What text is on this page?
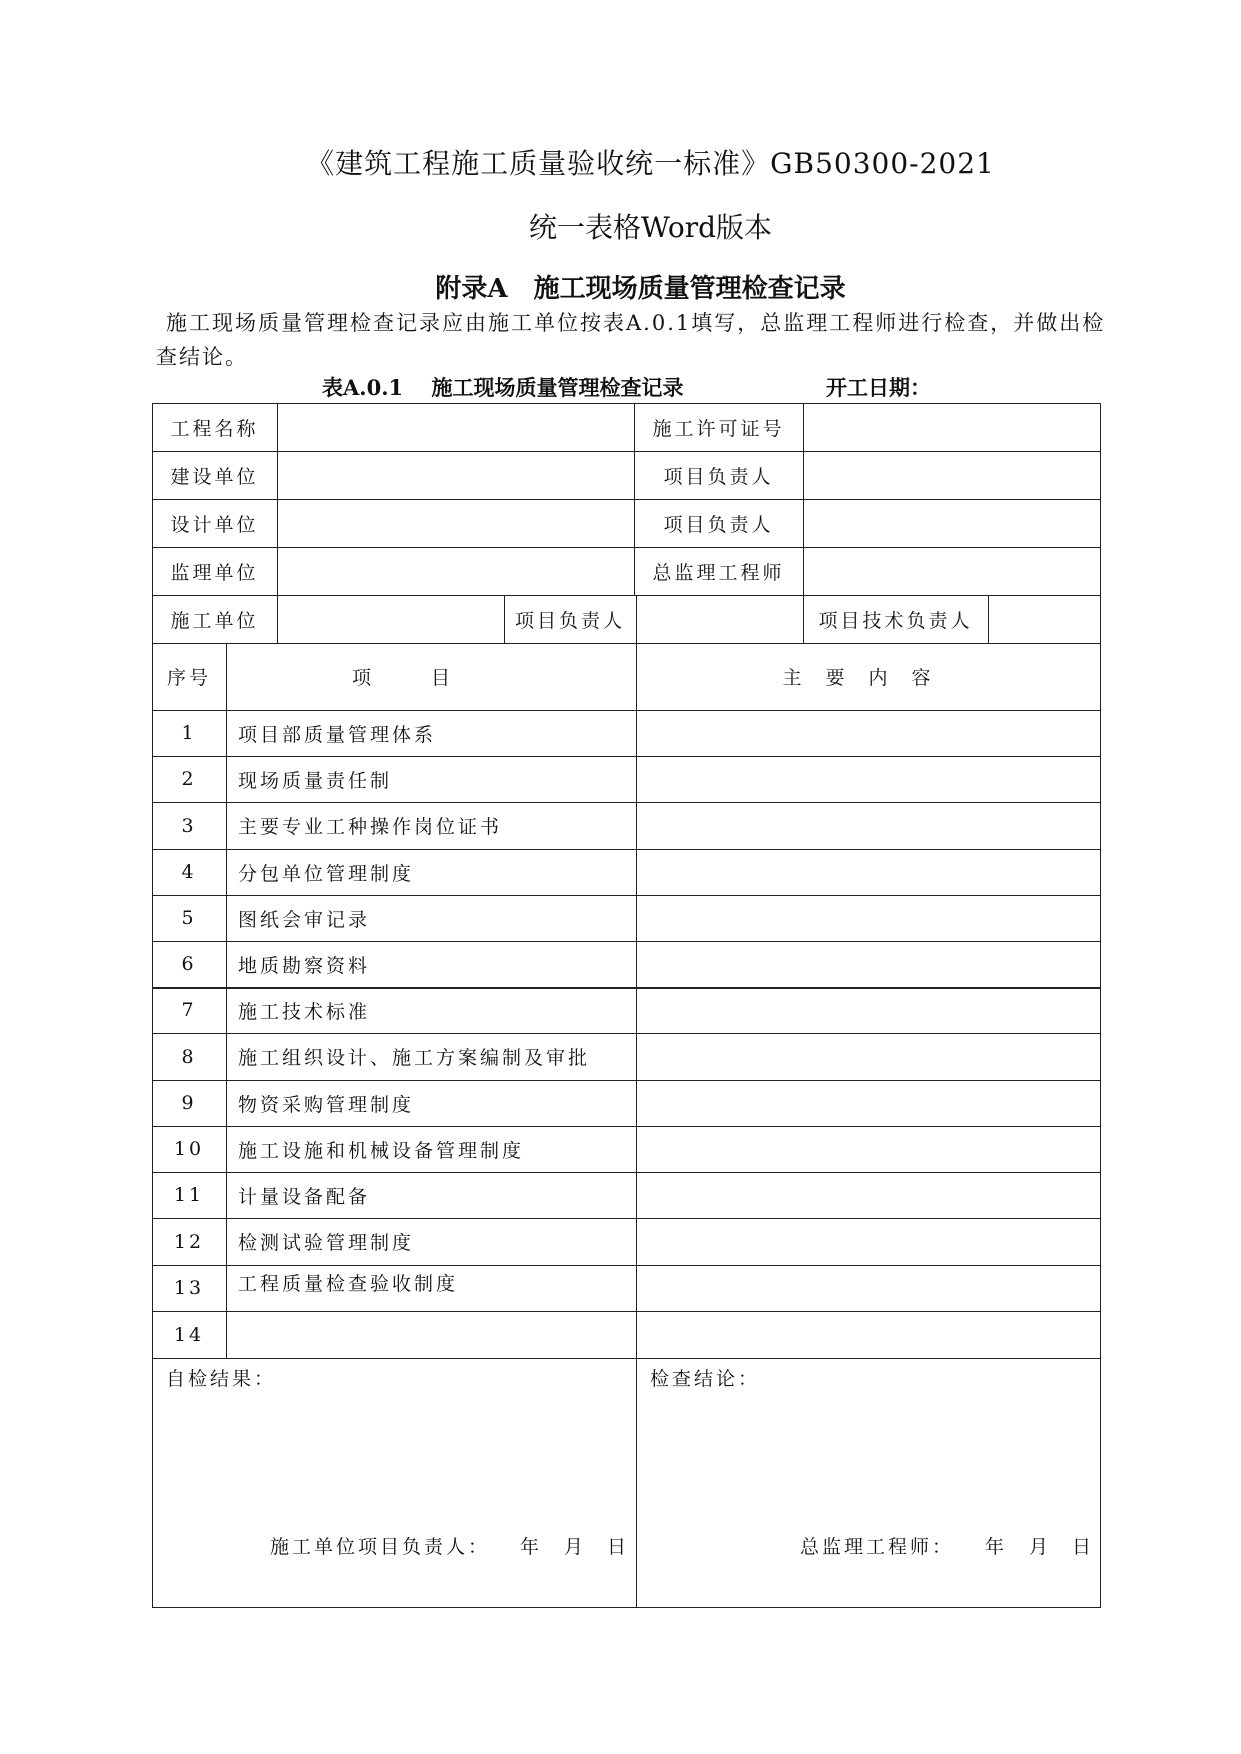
《建筑工程施工质量验收统一标准》GB50300-2021
统一表格Word版本
附录A　施工现场质量管理检查记录
施工现场质量管理检查记录应由施工单位按表A.0.1填写，总监理工程师进行检查，并做出检查结论。
表A.0.1　 施工现场质量管理检查记录	开工日期：
工程名称	施工许可证号
建设单位	项目负责人
设计单位	项目负责人
监理单位	总监理工程师
施工单位	项目负责人	项目技术负责人
序号	项目	主要内容
1	项目部质量管理体系
2	现场质量责任制
3	主要专业工种操作岗位证书
4	分包单位管理制度
5	图纸会审记录
6	地质勘察资料
7	施工技术标准
8	施工组织设计、施工方案编制及审批
9	物资采购管理制度
10	施工设施和机械设备管理制度
11	计量设备配备
12	检测试验管理制度
13	工程质量检查验收制度
14
自检结果：	检查结论：
施工单位项目负责人： 年 月 日	总监理工程师： 年 月 日
